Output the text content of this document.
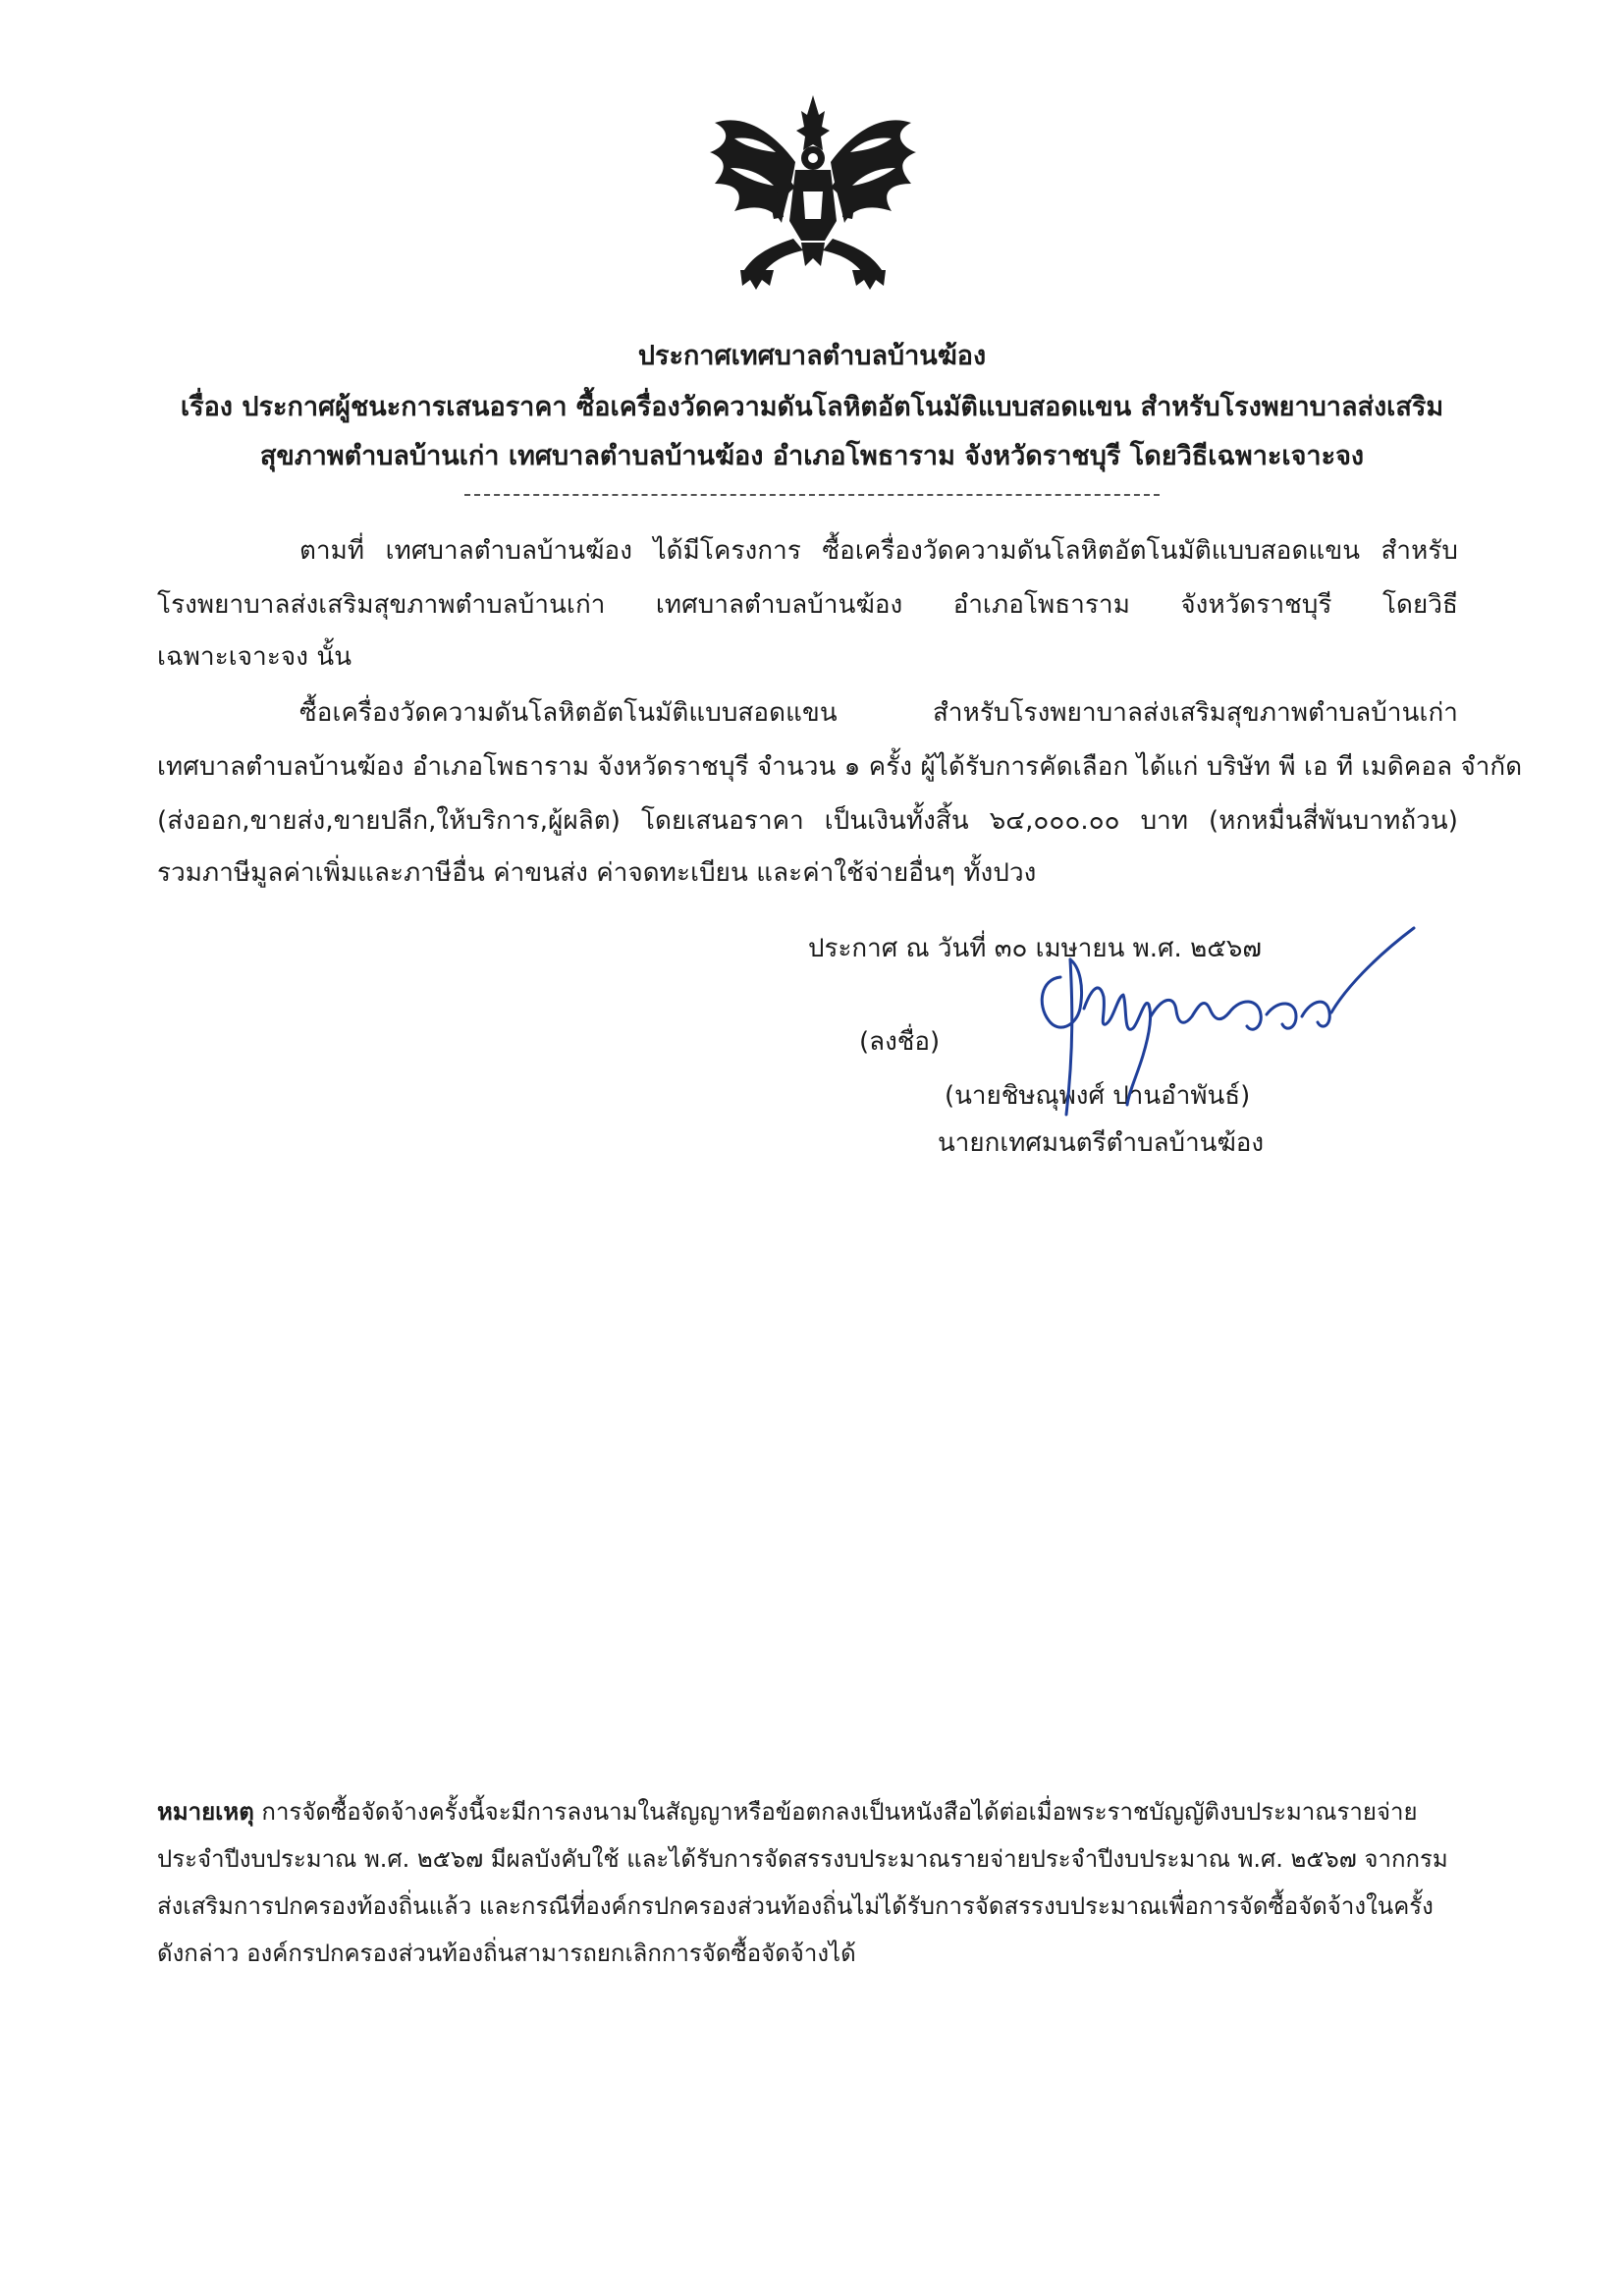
ประกาศเทศบาลตำบลบ้านฆ้อง
เรื่อง ประกาศผู้ชนะการเสนอราคา ซื้อเครื่องวัดความดันโลหิตอัตโนมัติแบบสอดแขน สำหรับโรงพยาบาลส่งเสริม
สุขภาพตำบลบ้านเก่า เทศบาลตำบลบ้านฆ้อง อำเภอโพธาราม จังหวัดราชบุรี โดยวิธีเฉพาะเจาะจง
ตามที่ เทศบาลตำบลบ้านฆ้อง ได้มีโครงการ ซื้อเครื่องวัดความดันโลหิตอัตโนมัติแบบสอดแขน สำหรับ
โรงพยาบาลส่งเสริมสุขภาพตำบลบ้านเก่า เทศบาลตำบลบ้านฆ้อง อำเภอโพธาราม จังหวัดราชบุรี โดยวิธี
เฉพาะเจาะจง นั้น
ซื้อเครื่องวัดความดันโลหิตอัตโนมัติแบบสอดแขน สำหรับโรงพยาบาลส่งเสริมสุขภาพตำบลบ้านเก่า
เทศบาลตำบลบ้านฆ้อง อำเภอโพธาราม จังหวัดราชบุรี จำนวน ๑ ครั้ง ผู้ได้รับการคัดเลือก ได้แก่ บริษัท พี เอ ที เมดิคอล จำกัด
(ส่งออก,ขายส่ง,ขายปลีก,ให้บริการ,ผู้ผลิต) โดยเสนอราคา เป็นเงินทั้งสิ้น ๖๔,๐๐๐.๐๐ บาท (หกหมื่นสี่พันบาทถ้วน)
รวมภาษีมูลค่าเพิ่มและภาษีอื่น ค่าขนส่ง ค่าจดทะเบียน และค่าใช้จ่ายอื่นๆ ทั้งปวง
ประกาศ ณ วันที่ ๓๐ เมษายน พ.ศ. ๒๕๖๗
(ลงชื่อ)
(นายชิษณุพงศ์ ปานอำพันธ์)
นายกเทศมนตรีตำบลบ้านฆ้อง
หมายเหตุ การจัดซื้อจัดจ้างครั้งนี้จะมีการลงนามในสัญญาหรือข้อตกลงเป็นหนังสือได้ต่อเมื่อพระราชบัญญัติงบประมาณรายจ่าย
ประจำปีงบประมาณ พ.ศ. ๒๕๖๗ มีผลบังคับใช้ และได้รับการจัดสรรงบประมาณรายจ่ายประจำปีงบประมาณ พ.ศ. ๒๕๖๗ จากกรม
ส่งเสริมการปกครองท้องถิ่นแล้ว และกรณีที่องค์กรปกครองส่วนท้องถิ่นไม่ได้รับการจัดสรรงบประมาณเพื่อการจัดซื้อจัดจ้างในครั้ง
ดังกล่าว องค์กรปกครองส่วนท้องถิ่นสามารถยกเลิกการจัดซื้อจัดจ้างได้
